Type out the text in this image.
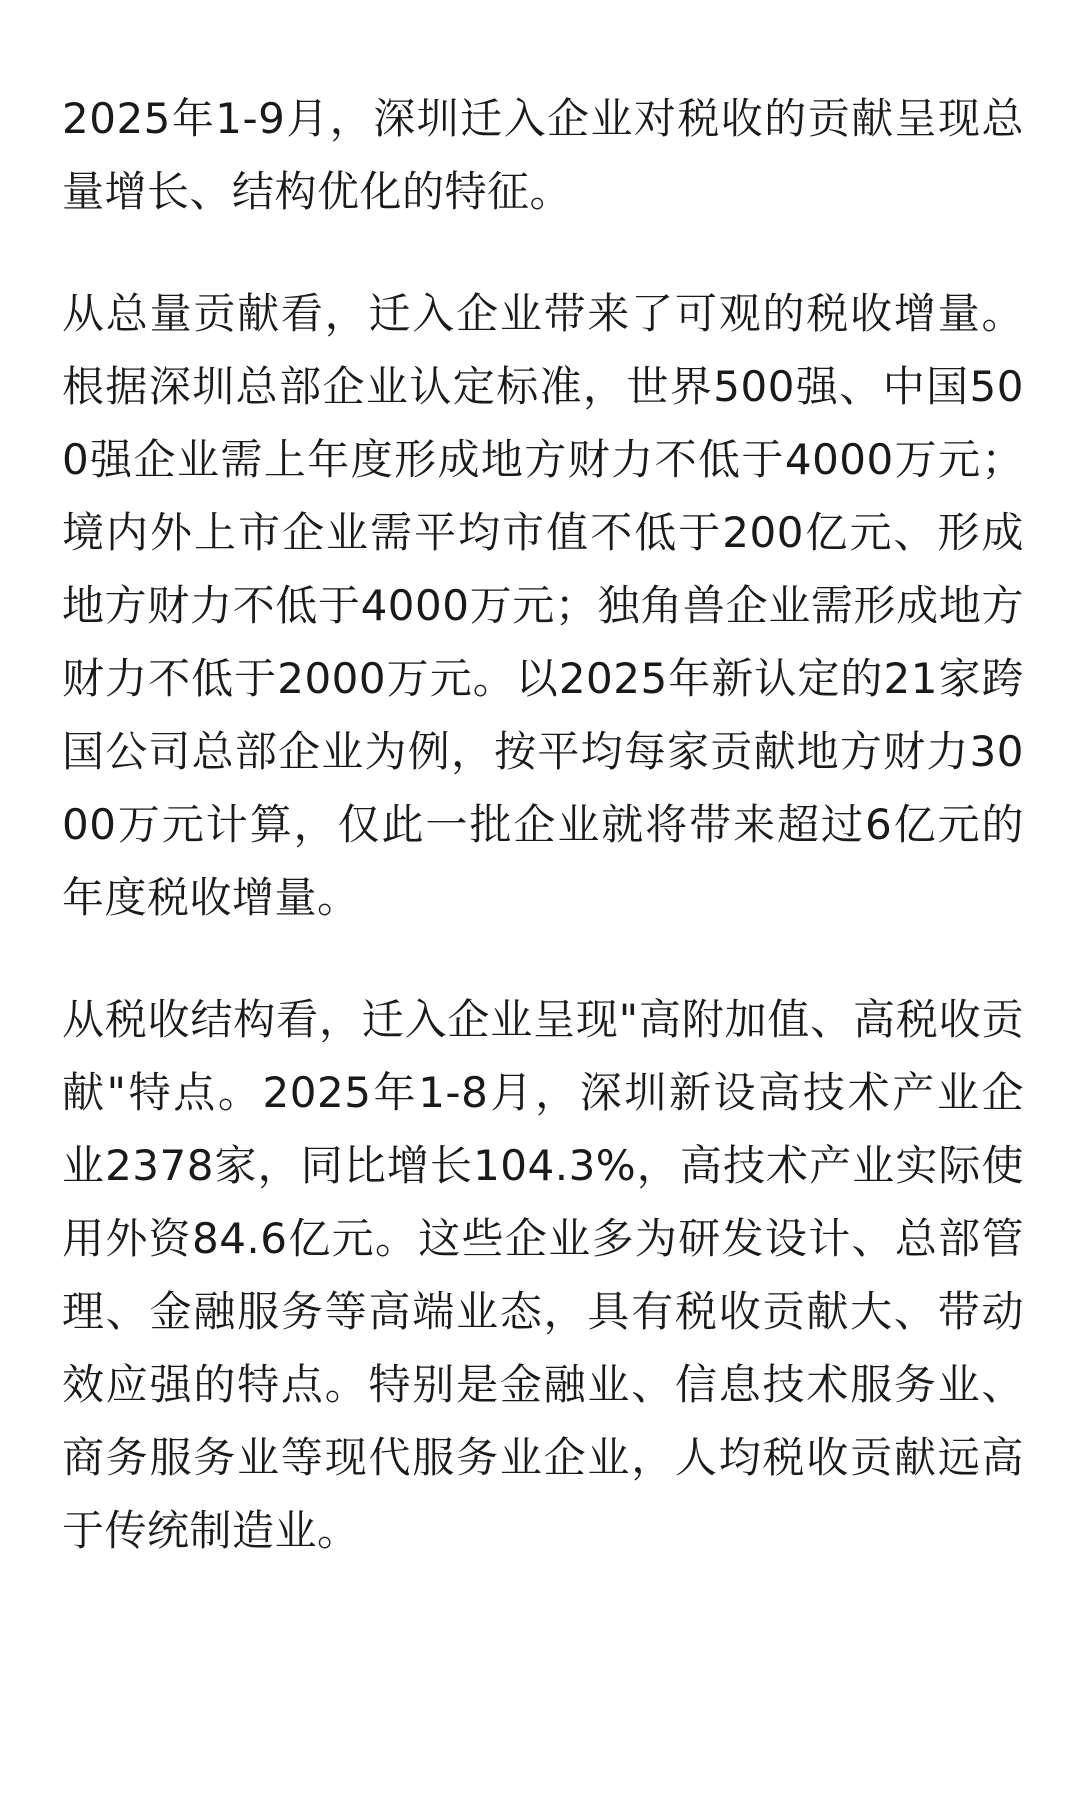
2025年1-9月，深圳迁入企业对税收的贡献呈现总量增长、结构优化的特征。

从总量贡献看，迁入企业带来了可观的税收增量。根据深圳总部企业认定标准，世界500强、中国500强企业需上年度形成地方财力不低于4000万元；境内外上市企业需平均市值不低于200亿元、形成地方财力不低于4000万元；独角兽企业需形成地方财力不低于2000万元。以2025年新认定的21家跨国公司总部企业为例，按平均每家贡献地方财力3000万元计算，仅此一批企业就将带来超过6亿元的年度税收增量。

从税收结构看，迁入企业呈现"高附加值、高税收贡献"特点。2025年1-8月，深圳新设高技术产业企业2378家，同比增长104.3%，高技术产业实际使用外资84.6亿元。这些企业多为研发设计、总部管理、金融服务等高端业态，具有税收贡献大、带动效应强的特点。特别是金融业、信息技术服务业、商务服务业等现代服务业企业，人均税收贡献远高于传统制造业。
